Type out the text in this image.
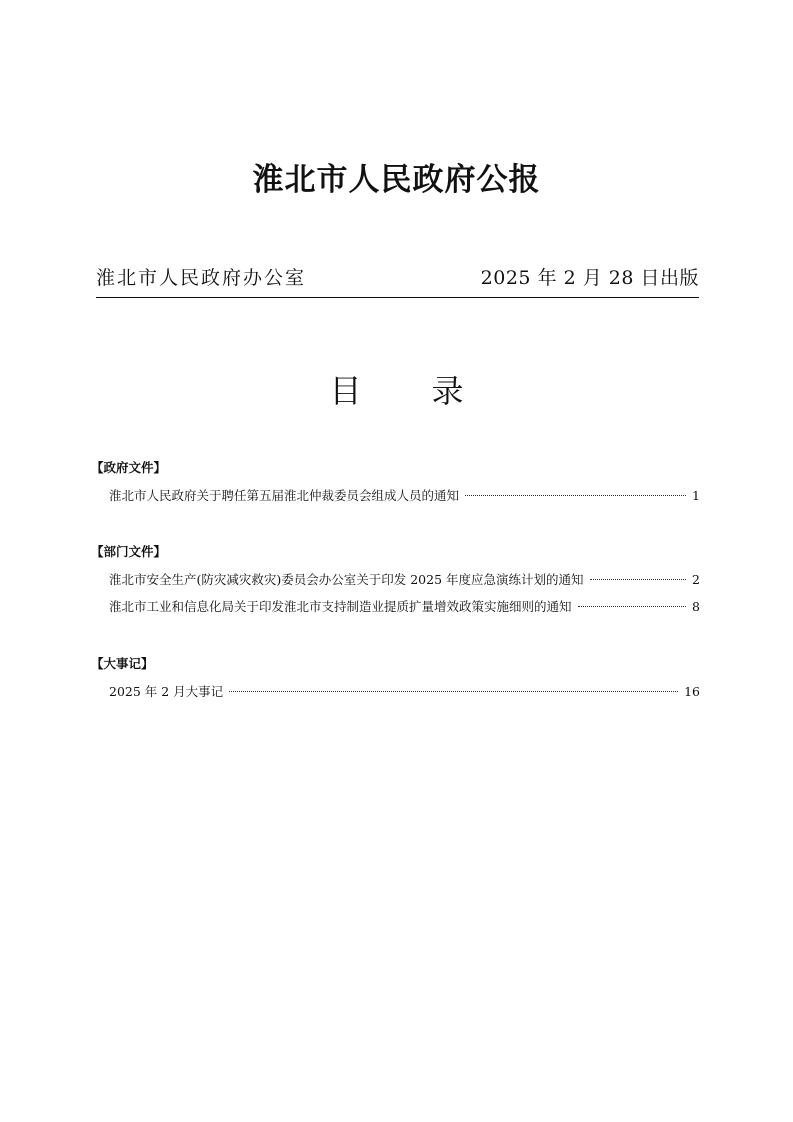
淮北市人民政府公报
淮北市人民政府办公室	2025 年 2 月 28 日出版
目 录
【政府文件】
淮北市人民政府关于聘任第五届淮北仲裁委员会组成人员的通知	1
【部门文件】
淮北市安全生产(防灾减灾救灾)委员会办公室关于印发 2025 年度应急演练计划的通知	2
淮北市工业和信息化局关于印发淮北市支持制造业提质扩量增效政策实施细则的通知	8
【大事记】
2025 年 2 月大事记	16
